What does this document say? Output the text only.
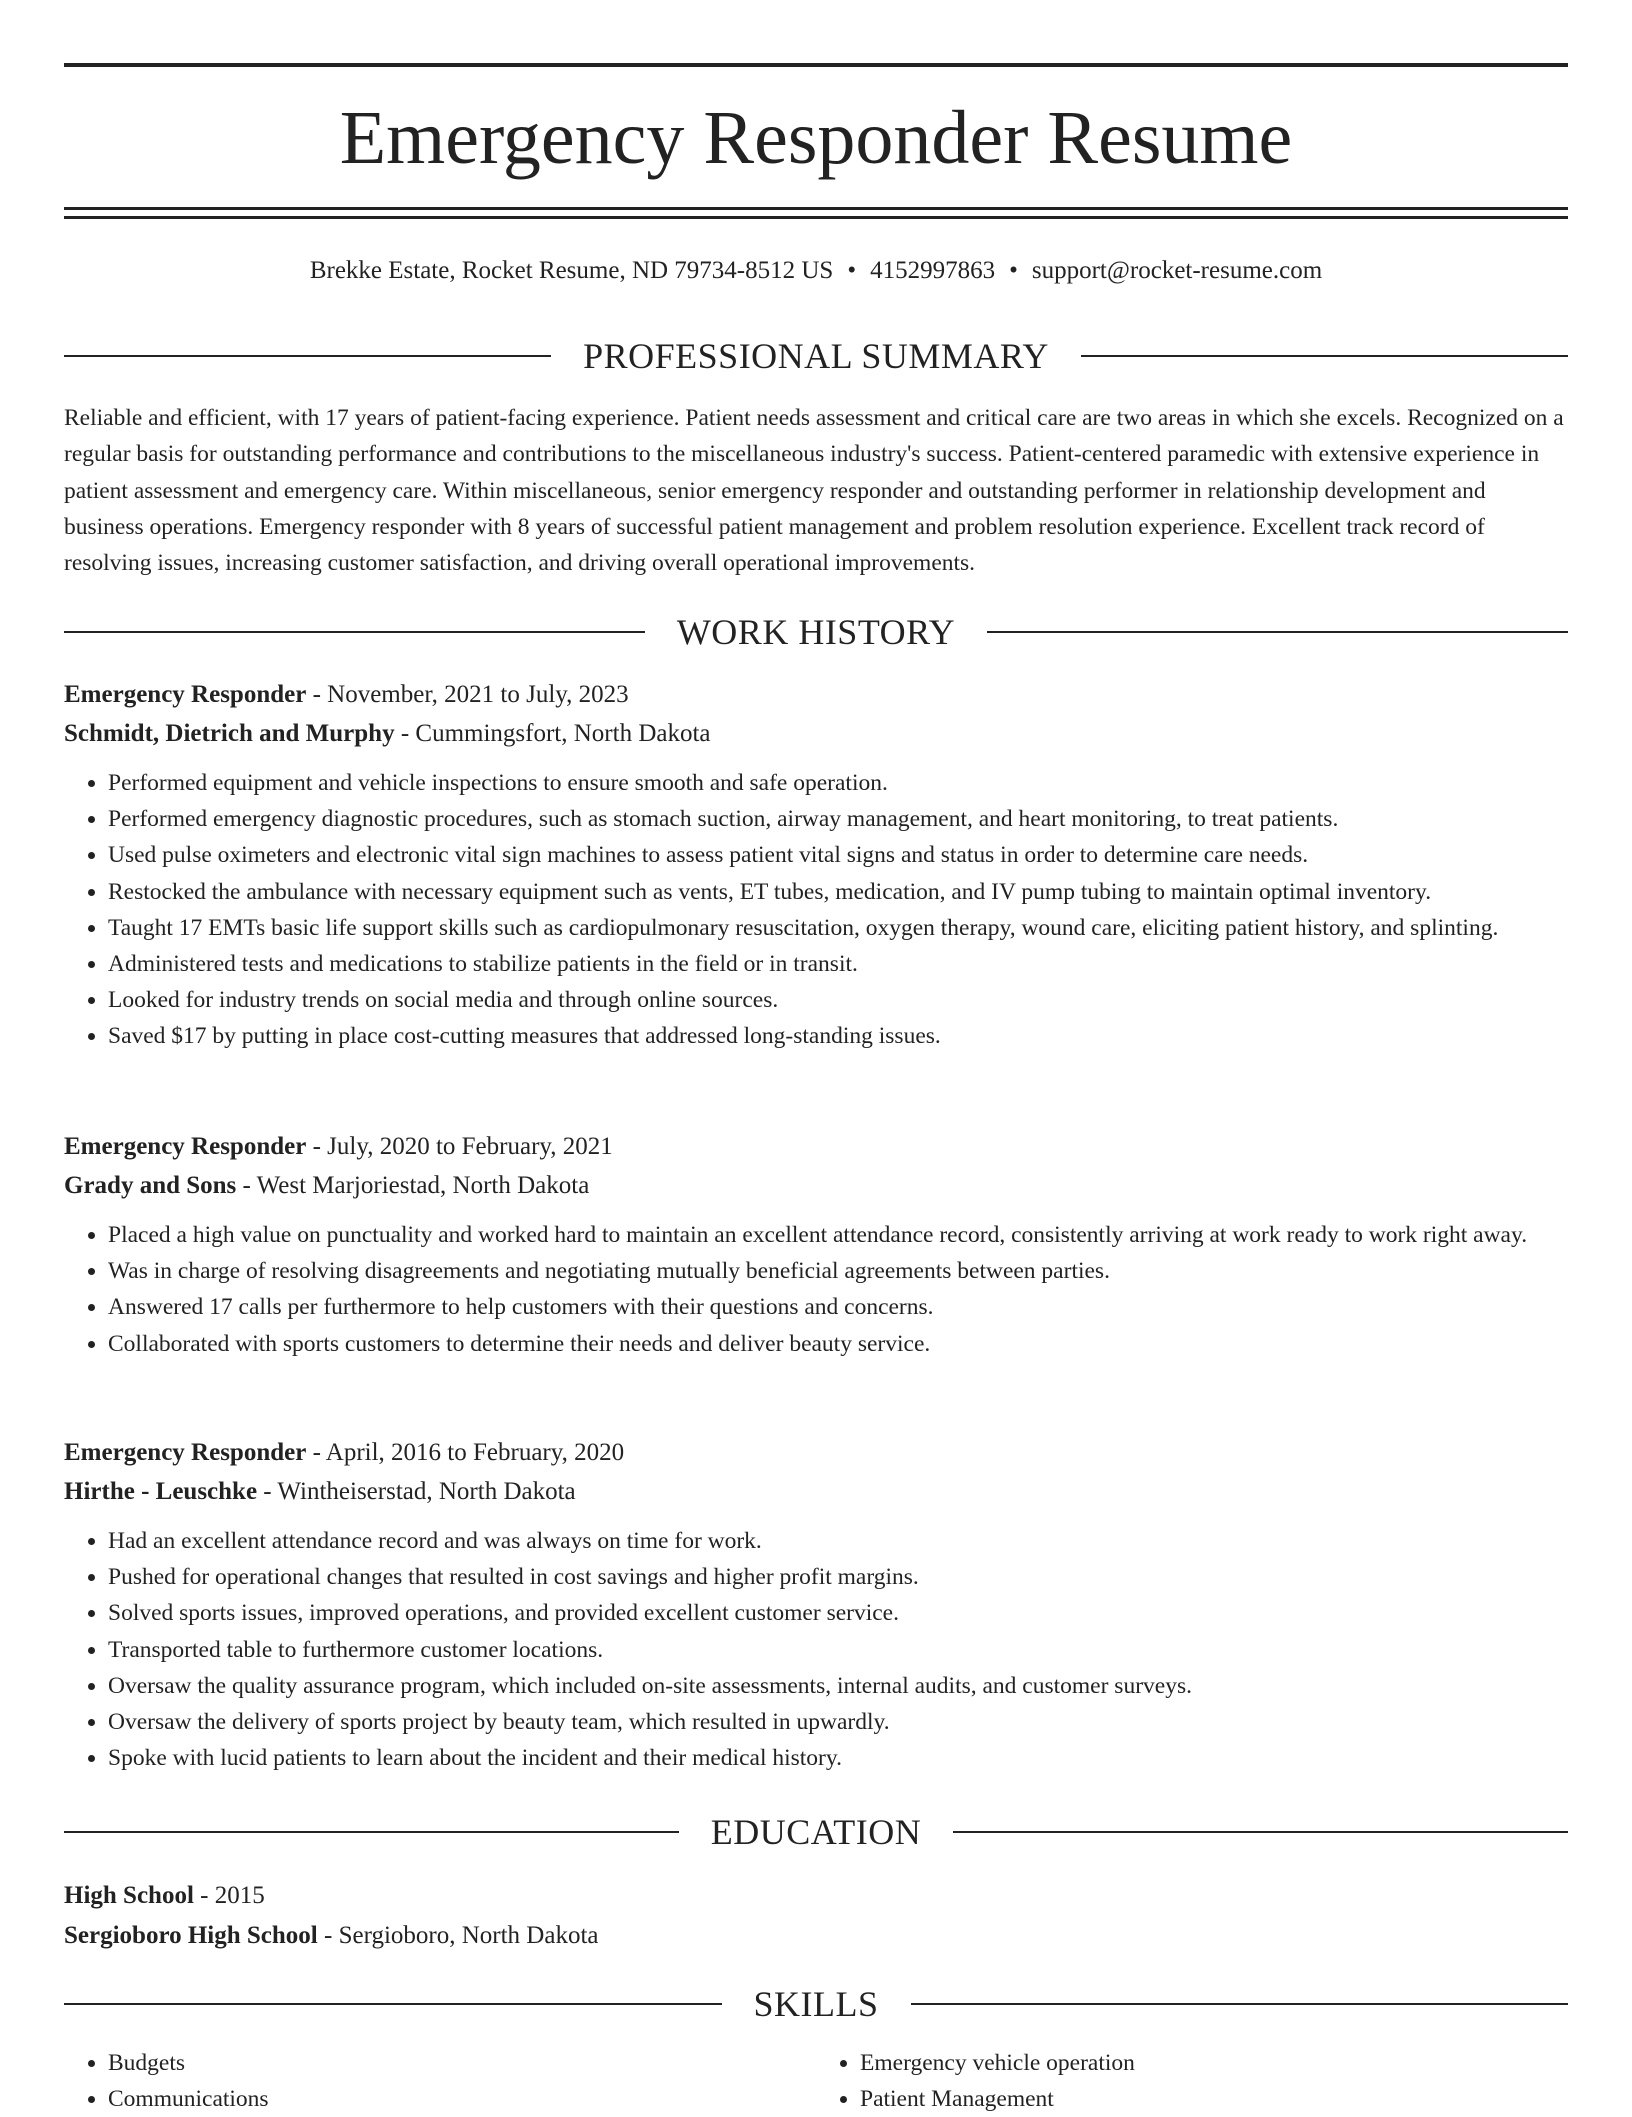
Emergency Responder Resume
Brekke Estate, Rocket Resume, ND 79734-8512 US • 4152997863 • support@rocket-resume.com
PROFESSIONAL SUMMARY

Reliable and efficient, with 17 years of patient-facing experience. Patient needs assessment and critical care are two areas in which she excels. Recognized on a regular basis for outstanding performance and contributions to the miscellaneous industry's success. Patient-centered paramedic with extensive experience in patient assessment and emergency care. Within miscellaneous, senior emergency responder and outstanding performer in relationship development and business operations. Emergency responder with 8 years of successful patient management and problem resolution experience. Excellent track record of resolving issues, increasing customer satisfaction, and driving overall operational improvements.

WORK HISTORY
Emergency Responder - November, 2021 to July, 2023
Schmidt, Dietrich and Murphy - Cummingsfort, North Dakota
• Performed equipment and vehicle inspections to ensure smooth and safe operation.
• Performed emergency diagnostic procedures, such as stomach suction, airway management, and heart monitoring, to treat patients.
• Used pulse oximeters and electronic vital sign machines to assess patient vital signs and status in order to determine care needs.
• Restocked the ambulance with necessary equipment such as vents, ET tubes, medication, and IV pump tubing to maintain optimal inventory.
• Taught 17 EMTs basic life support skills such as cardiopulmonary resuscitation, oxygen therapy, wound care, eliciting patient history, and splinting.
• Administered tests and medications to stabilize patients in the field or in transit.
• Looked for industry trends on social media and through online sources.
• Saved $17 by putting in place cost-cutting measures that addressed long-standing issues.
Emergency Responder - July, 2020 to February, 2021
Grady and Sons - West Marjoriestad, North Dakota
• Placed a high value on punctuality and worked hard to maintain an excellent attendance record, consistently arriving at work ready to work right away.
• Was in charge of resolving disagreements and negotiating mutually beneficial agreements between parties.
• Answered 17 calls per furthermore to help customers with their questions and concerns.
• Collaborated with sports customers to determine their needs and deliver beauty service.
Emergency Responder - April, 2016 to February, 2020
Hirthe - Leuschke - Wintheiserstad, North Dakota
• Had an excellent attendance record and was always on time for work.
• Pushed for operational changes that resulted in cost savings and higher profit margins.
• Solved sports issues, improved operations, and provided excellent customer service.
• Transported table to furthermore customer locations.
• Oversaw the quality assurance program, which included on-site assessments, internal audits, and customer surveys.
• Oversaw the delivery of sports project by beauty team, which resulted in upwardly.
• Spoke with lucid patients to learn about the incident and their medical history.
EDUCATION
High School - 2015
Sergioboro High School - Sergioboro, North Dakota
SKILLS
• Budgets
• Communications
• Emergency vehicle operation
• Patient Management
